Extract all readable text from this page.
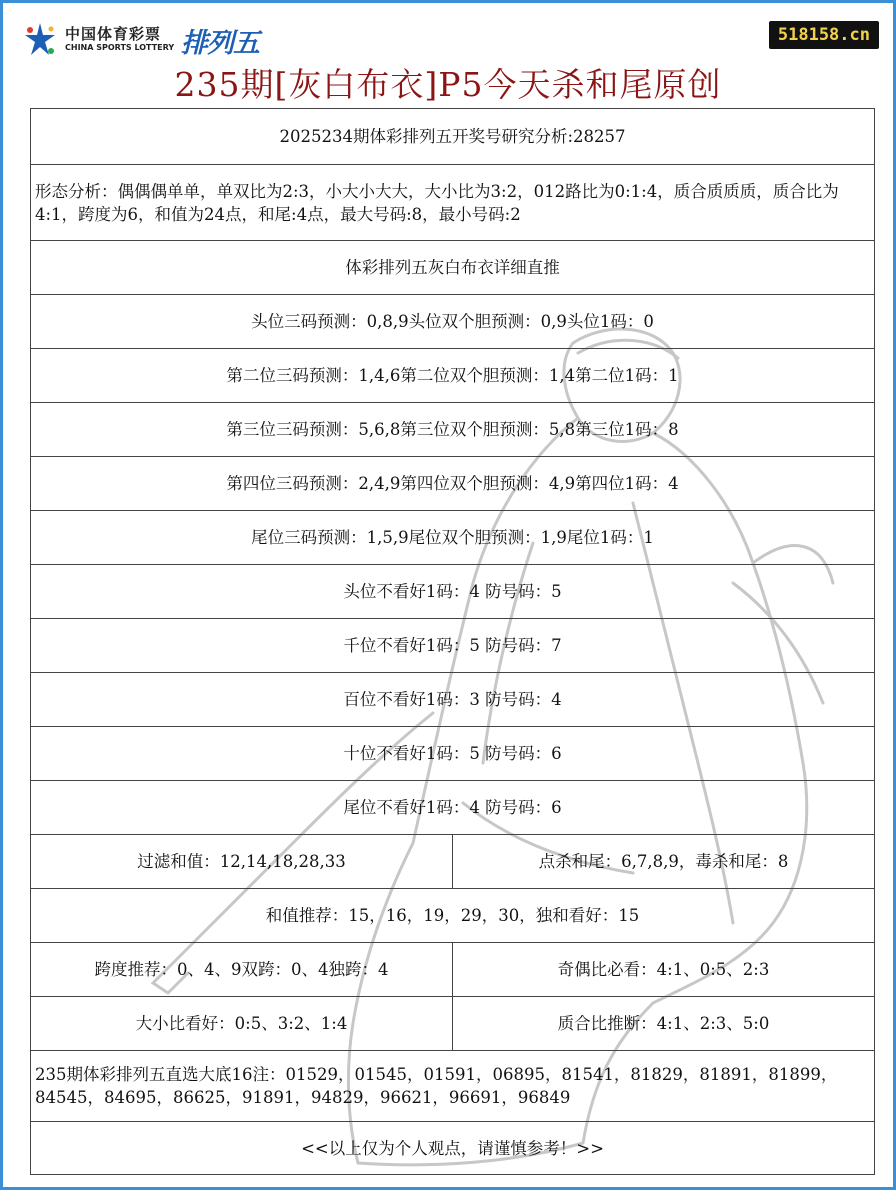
中国体育彩票
CHINA SPORTS LOTTERY 排列五	518158.cn
235期[灰白布衣]P5今天杀和尾原创
2025234期体彩排列五开奖号研究分析:28257
形态分析：偶偶偶单单，单双比为2:3，小大小大大，大小比为3:2，012路比为0:1:4，质合质质质，质合比为4:1，跨度为6，和值为24点，和尾:4点，最大号码:8，最小号码:2
体彩排列五灰白布衣详细直推
头位三码预测：0,8,9头位双个胆预测：0,9头位1码：0
第二位三码预测：1,4,6第二位双个胆预测：1,4第二位1码：1
第三位三码预测：5,6,8第三位双个胆预测：5,8第三位1码：8
第四位三码预测：2,4,9第四位双个胆预测：4,9第四位1码：4
尾位三码预测：1,5,9尾位双个胆预测：1,9尾位1码：1
头位不看好1码：4 防号码：5
千位不看好1码：5 防号码：7
百位不看好1码：3 防号码：4
十位不看好1码：5 防号码：6
尾位不看好1码：4 防号码：6
过滤和值：12,14,18,28,33	点杀和尾：6,7,8,9，毒杀和尾：8
和值推荐：15，16，19，29，30，独和看好：15
跨度推荐：0、4、9双跨：0、4独跨：4	奇偶比必看：4:1、0:5、2:3
大小比看好：0:5、3:2、1:4	质合比推断：4:1、2:3、5:0
235期体彩排列五直选大底16注：01529，01545，01591，06895，81541，81829，81891，81899，84545，84695，86625，91891，94829，96621，96691，96849
<<以上仅为个人观点，请谨慎参考！>>
